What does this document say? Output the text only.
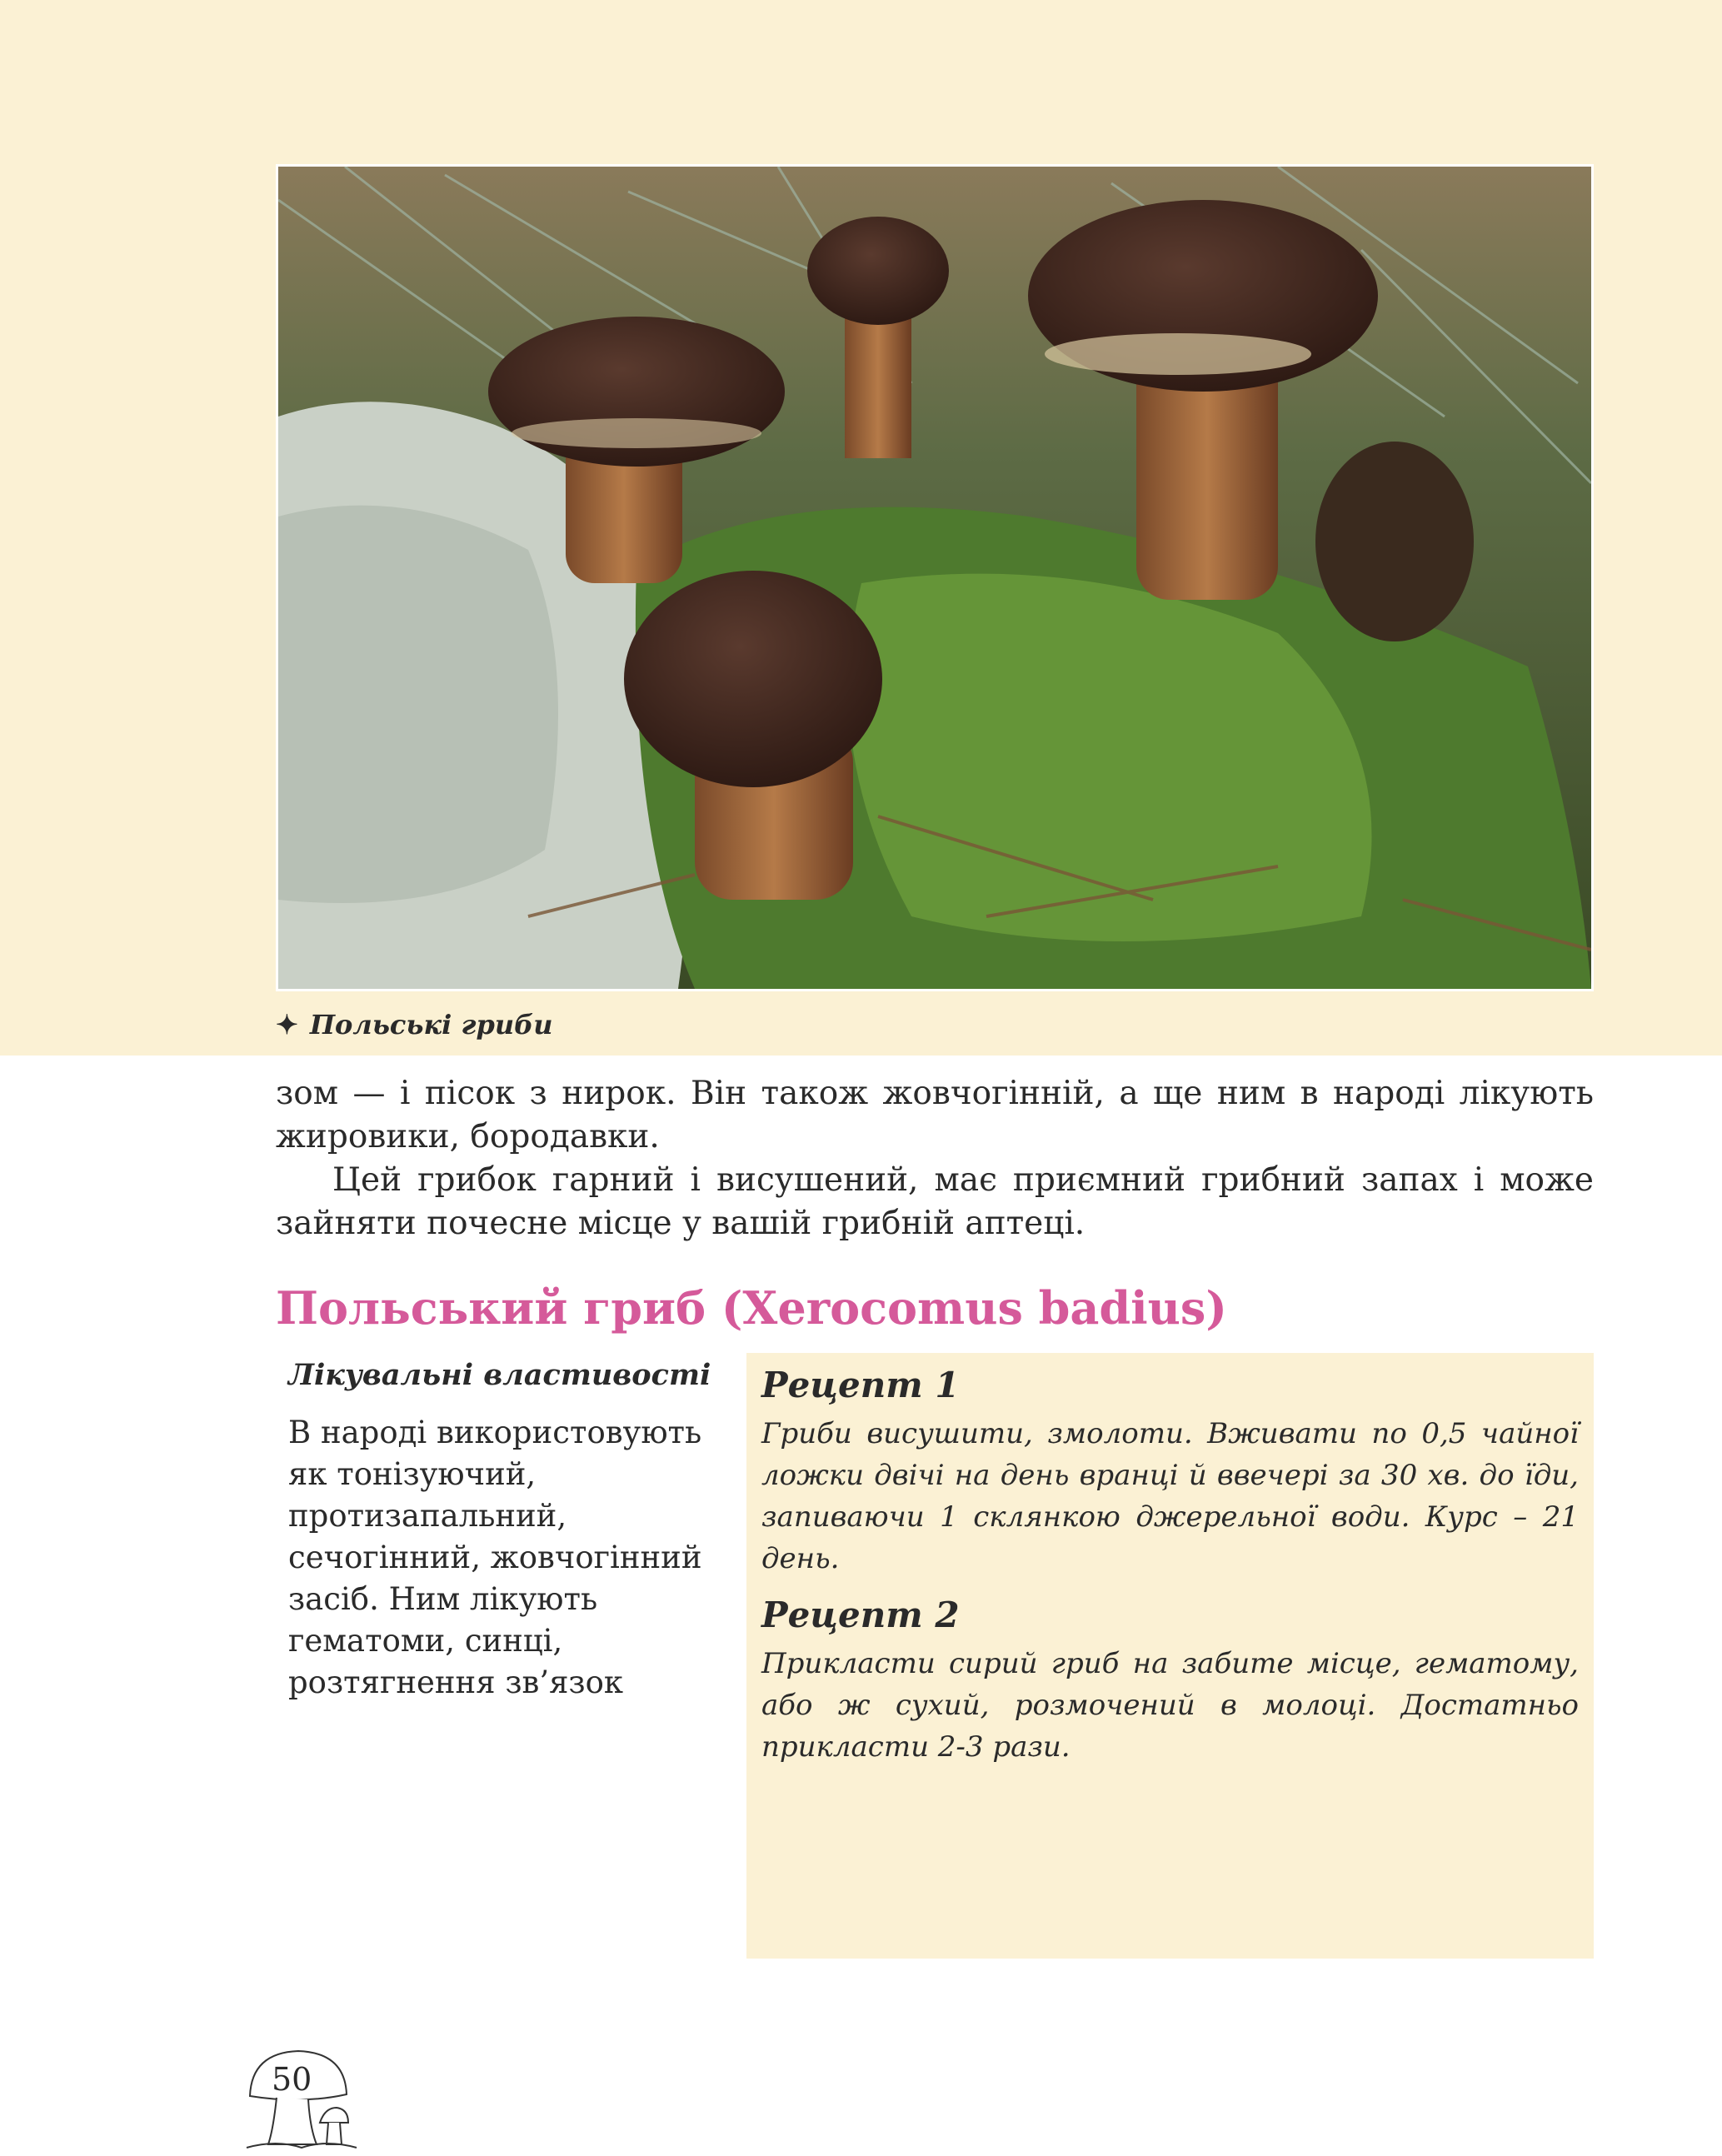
✦ Польські гриби

зом — і пісок з нирок. Він також жовчогінній, а ще ним в народі лікують жировики, бородавки.

Цей грибок гарний і висушений, має приємний грибний запах і може зайняти почесне місце у вашій грибній аптеці.

Польський гриб (Xerocomus badius)
Лікувальні властивості
В народі використовують як тонізуючий, протизапальний, сечогінний, жовчогінний засіб. Ним лікують гематоми, синці, розтягнення зв’язок

Рецепт 1

Гриби висушити, змолоти. Вживати по 0,5 чайної ложки двічі на день вранці й ввечері за 30 хв. до їди, запиваючи 1 склянкою джерельної води. Курс – 21 день.

Рецепт 2

Прикласти сирий гриб на забите місце, гематому, або ж сухий, розмочений в молоці. Достатньо прикласти 2-3 рази.

50
